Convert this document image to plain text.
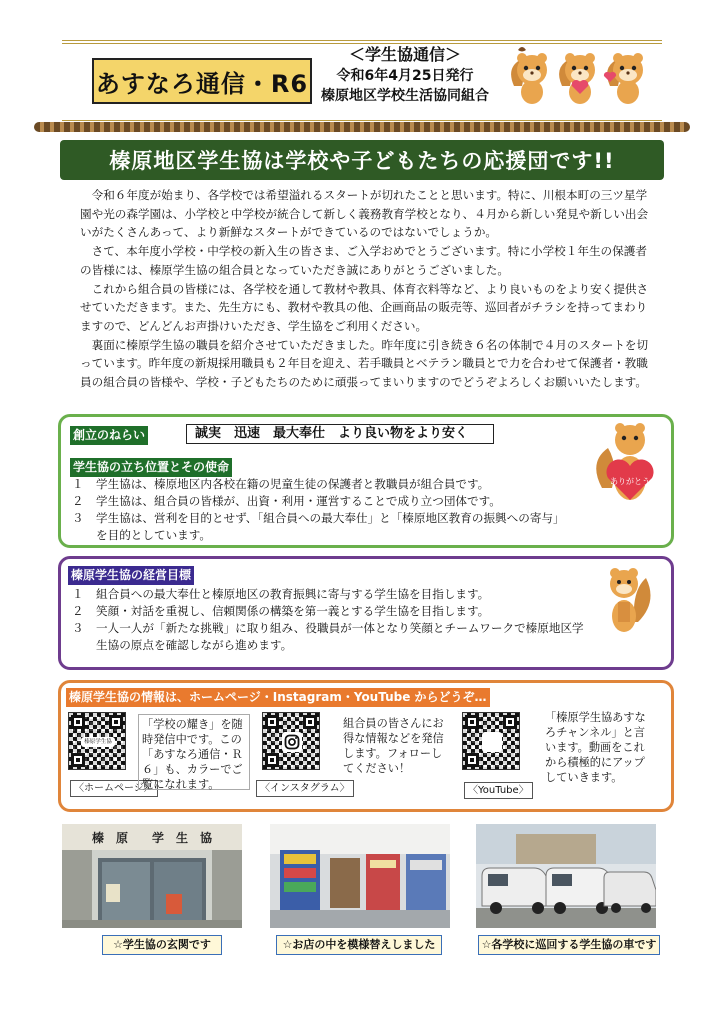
あすなろ通信・R6
＜学生協通信＞
令和6年4月25日発行
榛原地区学校生活協同組合
榛原地区学生協は学校や子どもたちの応援団です!!

令和６年度が始まり、各学校では希望溢れるスタートが切れたことと思います。特に、川根本町の三ツ星学園や光の森学園は、小学校と中学校が統合して新しく義務教育学校となり、４月から新しい発見や新しい出会いがたくさんあって、より新鮮なスタートができているのではないでしょうか。

さて、本年度小学校・中学校の新入生の皆さま、ご入学おめでとうございます。特に小学校１年生の保護者の皆様には、榛原学生協の組合員となっていただき誠にありがとうございました。

これから組合員の皆様には、各学校を通して教材や教具、体育衣料等など、より良いものをより安く提供させていただきます。また、先生方にも、教材や教具の他、企画商品の販売等、巡回者がチラシを持ってまわりますので、どんどんお声掛けいただき、学生協をご利用ください。

裏面に榛原学生協の職員を紹介させていただきました。昨年度に引き続き６名の体制で４月のスタートを切っています。昨年度の新規採用職員も２年目を迎え、若手職員とベテラン職員とで力を合わせて保護者・教職員の組合員の皆様や、学校・子どもたちのために頑張ってまいりますのでどうぞよろしくお願いいたします。

創立のねらい	誠実　迅速　最大奉仕　より良い物をより安く
学生協の立ち位置とその使命
１	学生協は、榛原地区内各校在籍の児童生徒の保護者と教職員が組合員です。
２	学生協は、組合員の皆様が、出資・利用・運営することで成り立つ団体です。
３	学生協は、営利を目的とせず、「組合員への最大奉仕」と「榛原地区教育の振興への寄与」を目的としています。
ありがとう
榛原学生協の経営目標
１	組合員への最大奉仕と榛原地区の教育振興に寄与する学生協を目指します。
２	笑顔・対話を重視し、信頼関係の構築を第一義とする学生協を目指します。
３	一人一人が「新たな挑戦」に取り組み、役職員が一体となり笑顔とチームワークで榛原地区学生協の原点を確認しながら進めます。
榛原学生協の情報は、ホームページ・Instagram・YouTube からどうぞ…
榛原学生協
〈ホームページ〉
「学校の耀き」を随時発信中です。この「あすなろ通信・Ｒ６」も、カラーでご覧になれます。	〈インスタグラム〉
組合員の皆さんにお得な情報などを発信します。フォローしてください！
〈YouTube〉
「榛原学生協あすなろチャンネル」と言います。動画をこれから積極的にアップしていきます。
榛　原　　学　生　協
☆学生協の玄関です	☆お店の中を模様替えしました	☆各学校に巡回する学生協の車です
